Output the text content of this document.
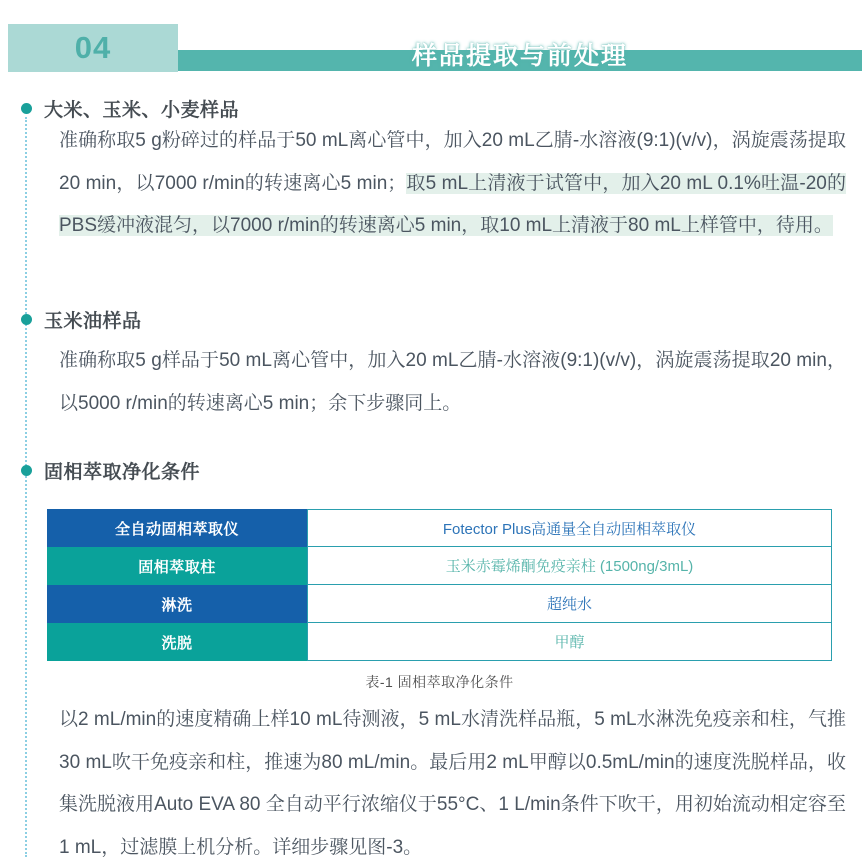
04	样品提取与前处理
大米、玉米、小麦样品

准确称取5 g粉碎过的样品于50 mL离心管中，加入20 mL乙腈-水溶液(9:1)(v/v)，涡旋震荡提取20 min，以7000 r/min的转速离心5 min；取5 mL上清液于试管中，加入20 mL 0.1%吐温-20的PBS缓冲液混匀，以7000 r/min的转速离心5 min，取10 mL上清液于80 mL上样管中，待用。

玉米油样品

准确称取5 g样品于50 mL离心管中，加入20 mL乙腈-水溶液(9:1)(v/v)，涡旋震荡提取20 min，以5000 r/min的转速离心5 min；余下步骤同上。

固相萃取净化条件
全自动固相萃取仪	Fotector Plus高通量全自动固相萃取仪
固相萃取柱	玉米赤霉烯酮免疫亲柱 (1500ng/3mL)
淋洗	超纯水
洗脱	甲醇

表-1 固相萃取净化条件

以2 mL/min的速度精确上样10 mL待测液，5 mL水清洗样品瓶，5 mL水淋洗免疫亲和柱，气推30 mL吹干免疫亲和柱，推速为80 mL/min。最后用2 mL甲醇以0.5mL/min的速度洗脱样品，收集洗脱液用Auto EVA 80 全自动平行浓缩仪于55°C、1 L/min条件下吹干，用初始流动相定容至1 mL，过滤膜上机分析。详细步骤见图-3。
